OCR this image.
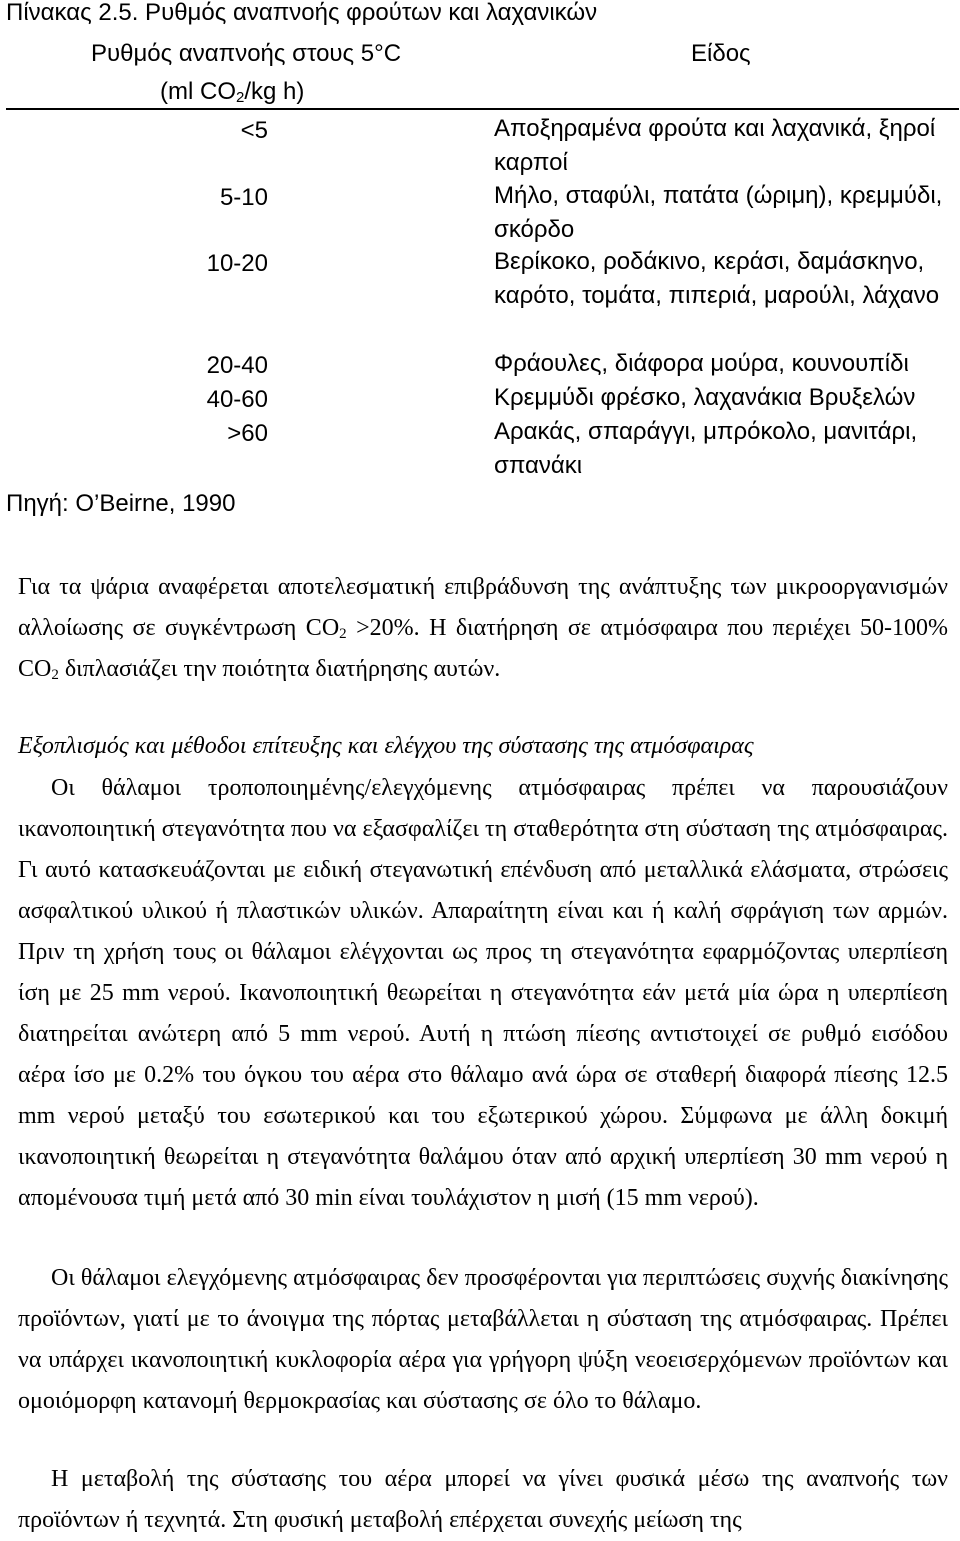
Πίνακας 2.5. Ρυθμός αναπνοής φρούτων και λαχανικών
Ρυθμός αναπνοής στους 5°C
(ml $CO_2/kg$ h)
Είδος
<5	Αποξηραμένα φρούτα και λαχανικά, ξηροί καρποί
5-10	Μήλο, σταφύλι, πατάτα (ώριμη), κρεμμύδι, σκόρδο
10-20	Βερίκοκο, ροδάκινο, κεράσι, δαμάσκηνο, καρότο, τομάτα, πιπεριά, μαρούλι, λάχανο
20-40	Φράουλες, διάφορα μούρα, κουνουπίδι
40-60	Κρεμμύδι φρέσκο, λαχανάκια Βρυξελών
>60	Αρακάς, σπαράγγι, μπρόκολο, μανιτάρι, σπανάκι
Πηγή: O’Beirne, 1990

Για τα ψάρια αναφέρεται αποτελεσματική επιβράδυνση της ανάπτυξης των μικροοργανισμών αλλοίωσης σε συγκέντρωση $CO_2 >20\%$. Η διατήρηση σε ατμόσφαιρα που περιέχει 50-100% $CO_2$ διπλασιάζει την ποιότητα διατήρησης αυτών.

Εξοπλισμός και μέθοδοι επίτευξης και ελέγχου της σύστασης της ατμόσφαιρας

Οι θάλαμοι τροποποιημένης/ελεγχόμενης ατμόσφαιρας πρέπει να παρουσιάζουν ικανοποιητική στεγανότητα που να εξασφαλίζει τη σταθερότητα στη σύσταση της ατμόσφαιρας. Γι αυτό κατασκευάζονται με ειδική στεγανωτική επένδυση από μεταλλικά ελάσματα, στρώσεις ασφαλτικού υλικού ή πλαστικών υλικών. Απαραίτητη είναι και ή καλή σφράγιση των αρμών. Πριν τη χρήση τους οι θάλαμοι ελέγχονται ως προς τη στεγανότητα εφαρμόζοντας υπερπίεση ίση με 25 mm νερού. Ικανοποιητική θεωρείται η στεγανότητα εάν μετά μία ώρα η υπερπίεση διατηρείται ανώτερη από 5 mm νερού. Αυτή η πτώση πίεσης αντιστοιχεί σε ρυθμό εισόδου αέρα ίσο με 0.2% του όγκου του αέρα στο θάλαμο ανά ώρα σε σταθερή διαφορά πίεσης 12.5 mm νερού μεταξύ του εσωτερικού και του εξωτερικού χώρου. Σύμφωνα με άλλη δοκιμή ικανοποιητική θεωρείται η στεγανότητα θαλάμου όταν από αρχική υπερπίεση 30 mm νερού η απομένουσα τιμή μετά από 30 min είναι τουλάχιστον η μισή (15 mm νερού).

Οι θάλαμοι ελεγχόμενης ατμόσφαιρας δεν προσφέρονται για περιπτώσεις συχνής διακίνησης προϊόντων, γιατί με το άνοιγμα της πόρτας μεταβάλλεται η σύσταση της ατμόσφαιρας. Πρέπει να υπάρχει ικανοποιητική κυκλοφορία αέρα για γρήγορη ψύξη νεοεισερχόμενων προϊόντων και ομοιόμορφη κατανομή θερμοκρασίας και σύστασης σε όλο το θάλαμο.

Η μεταβολή της σύστασης του αέρα μπορεί να γίνει φυσικά μέσω της αναπνοής των προϊόντων ή τεχνητά. Στη φυσική μεταβολή επέρχεται συνεχής μείωση της
